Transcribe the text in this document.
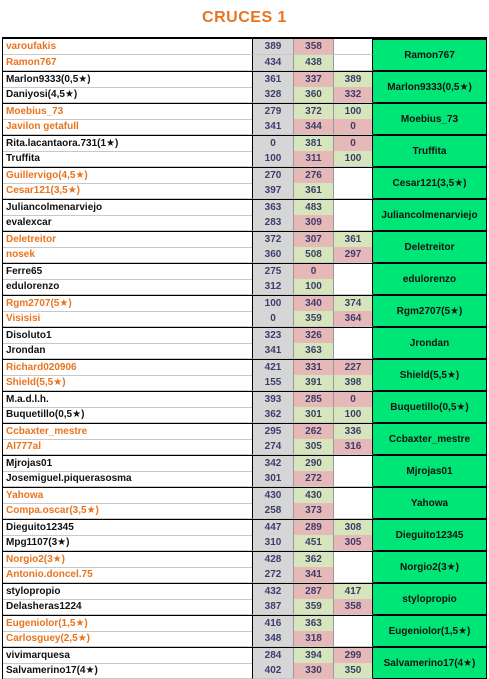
CRUCES 1
varoufakis	389	358
Ramon767	434	438
Ramon767
Marlon9333(0,5★)	361	337	389
Daniyosi(4,5★)	328	360	332
Marlon9333(0,5★)
Moebius_73	279	372	100
Javilon getafull	341	344	0
Moebius_73
Rita.lacantaora.731(1★)	0	381	0
Truffita	100	311	100
Truffita
Guillervigo(4,5★)	270	276
Cesar121(3,5★)	397	361
Cesar121(3,5★)
Juliancolmenarviejo	363	483
evalexcar	283	309
Juliancolmenarviejo
Deletreitor	372	307	361
nosek	360	508	297
Deletreitor
Ferre65	275	0
edulorenzo	312	100
edulorenzo
Rgm2707(5★)	100	340	374
Visisisi	0	359	364
Rgm2707(5★)
Disoluto1	323	326
Jrondan	341	363
Jrondan
Richard020906	421	331	227
Shield(5,5★)	155	391	398
Shield(5,5★)
M.a.d.l.h.	393	285	0
Buquetillo(0,5★)	362	301	100
Buquetillo(0,5★)
Ccbaxter_mestre	295	262	336
Al777al	274	305	316
Ccbaxter_mestre
Mjrojas01	342	290
Josemiguel.piquerasosma	301	272
Mjrojas01
Yahowa	430	430
Compa.oscar(3,5★)	258	373
Yahowa
Dieguito12345	447	289	308
Mpg1107(3★)	310	451	305
Dieguito12345
Norgio2(3★)	428	362
Antonio.doncel.75	272	341
Norgio2(3★)
stylopropio	432	287	417
Delasheras1224	387	359	358
stylopropio
Eugeniolor(1,5★)	416	363
Carlosguey(2,5★)	348	318
Eugeniolor(1,5★)
vivimarquesa	284	394	299
Salvamerino17(4★)	402	330	350
Salvamerino17(4★)
